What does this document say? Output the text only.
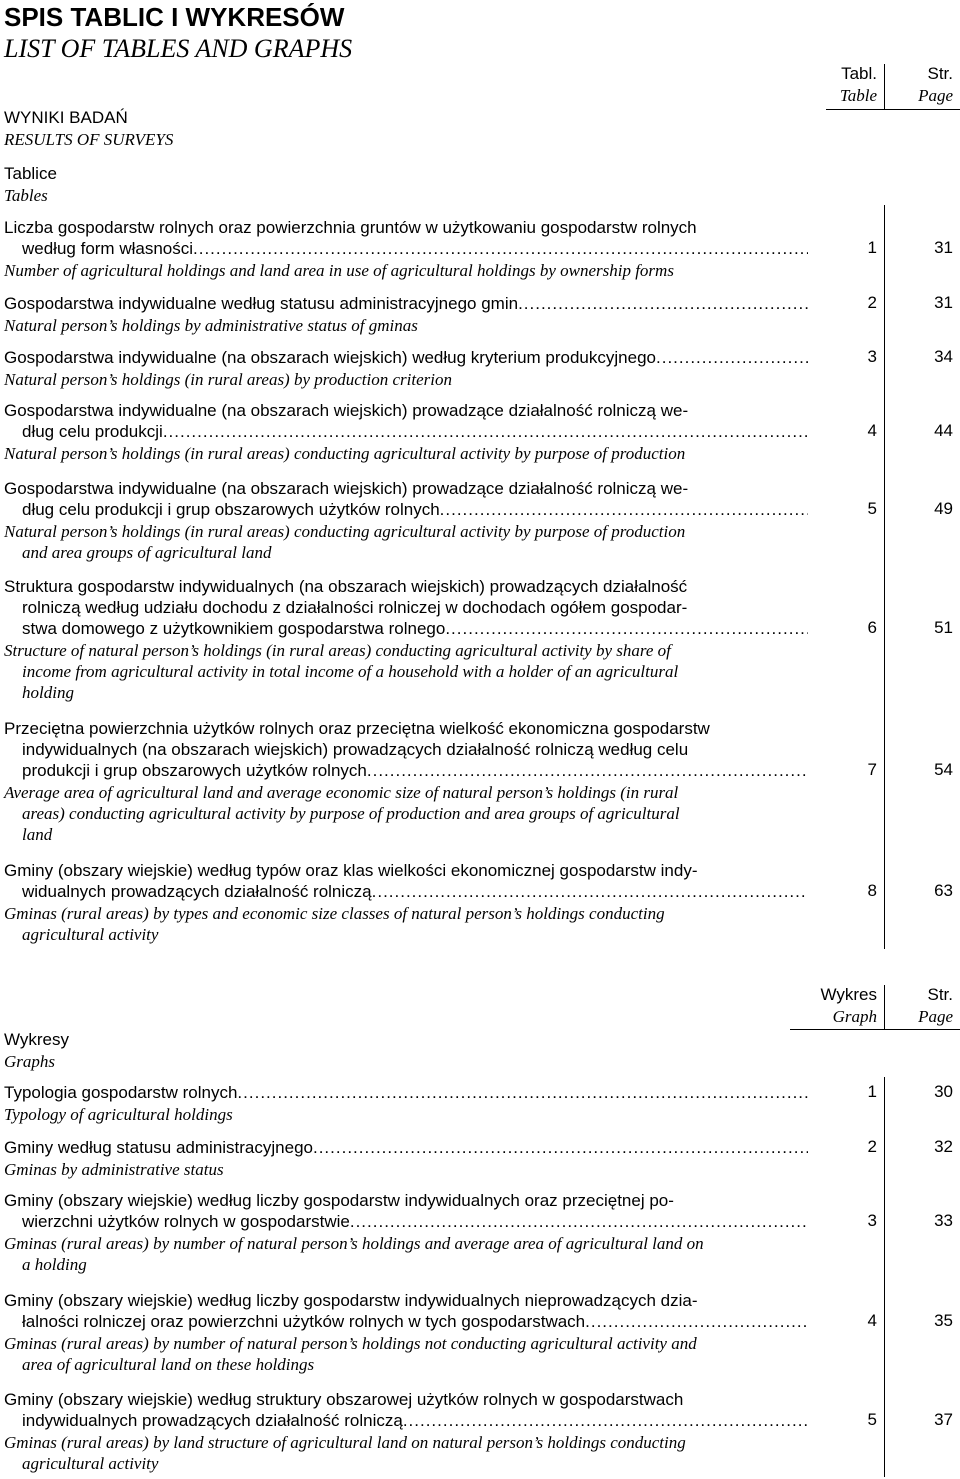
SPIS TABLIC I WYKRESÓW
LIST OF TABLES AND GRAPHS
WYNIKI BADAŃ
RESULTS OF SURVEYS
Tablice
Tables
Tabl.
Table
Str.
Page
Liczba gospodarstw rolnych oraz powierzchnia gruntów w użytkowaniu gospodarstw rolnych
według form własności
.....
Number of agricultural holdings and land area in use of agricultural holdings by ownership forms
1	31
Gospodarstwa indywidualne według statusu administracyjnego gmin
.....
Natural person’s holdings by administrative status of gminas
2	31
Gospodarstwa indywidualne (na obszarach wiejskich) według kryterium produkcyjnego
.....
Natural person’s holdings (in rural areas) by production criterion
3	34
Gospodarstwa indywidualne (na obszarach wiejskich) prowadzące działalność rolniczą we-
dług celu produkcji
.....
Natural person’s holdings (in rural areas) conducting agricultural activity by purpose of production
4	44
Gospodarstwa indywidualne (na obszarach wiejskich) prowadzące działalność rolniczą we-
dług celu produkcji i grup obszarowych użytków rolnych
.....
Natural person’s holdings (in rural areas) conducting agricultural activity by purpose of production
and area groups of agricultural land
5	49
Struktura gospodarstw indywidualnych (na obszarach wiejskich) prowadzących działalność
rolniczą według udziału dochodu z działalności rolniczej w dochodach ogółem gospodar-
stwa domowego z użytkownikiem gospodarstwa rolnego
.....
Structure of natural person’s holdings (in rural areas) conducting agricultural activity by share of
income from agricultural activity in total income of a household with a holder of an agricultural
holding
6	51
Przeciętna powierzchnia użytków rolnych oraz przeciętna wielkość ekonomiczna gospodarstw
indywidualnych (na obszarach wiejskich) prowadzących działalność rolniczą według celu
produkcji i grup obszarowych użytków rolnych
.....
Average area of agricultural land and average economic size of natural person’s holdings (in rural
areas) conducting agricultural activity by purpose of production and area groups of agricultural
land
7	54
Gminy (obszary wiejskie) według typów oraz klas wielkości ekonomicznej gospodarstw indy-
widualnych prowadzących działalność rolniczą
.....
Gminas (rural areas) by types and economic size classes of natural person’s holdings conducting
agricultural activity
8	63
Wykres
Graph
Str.
Page
Wykresy
Graphs
Typologia gospodarstw rolnych
.....
Typology of agricultural holdings
1	30
Gminy według statusu administracyjnego
.....
Gminas by administrative status
2	32
Gminy (obszary wiejskie) według liczby gospodarstw indywidualnych oraz przeciętnej po-
wierzchni użytków rolnych w gospodarstwie
.....
Gminas (rural areas) by number of natural person’s holdings and average area of agricultural land on
a holding
3	33
Gminy (obszary wiejskie) według liczby gospodarstw indywidualnych nieprowadzących dzia-
łalności rolniczej oraz powierzchni użytków rolnych w tych gospodarstwach
.....
Gminas (rural areas) by number of natural person’s holdings not conducting agricultural activity and
area of agricultural land on these holdings
4	35
Gminy (obszary wiejskie) według struktury obszarowej użytków rolnych w gospodarstwach
indywidualnych prowadzących działalność rolniczą
.....
Gminas (rural areas) by land structure of agricultural land on natural person’s holdings conducting
agricultural activity
5	37
